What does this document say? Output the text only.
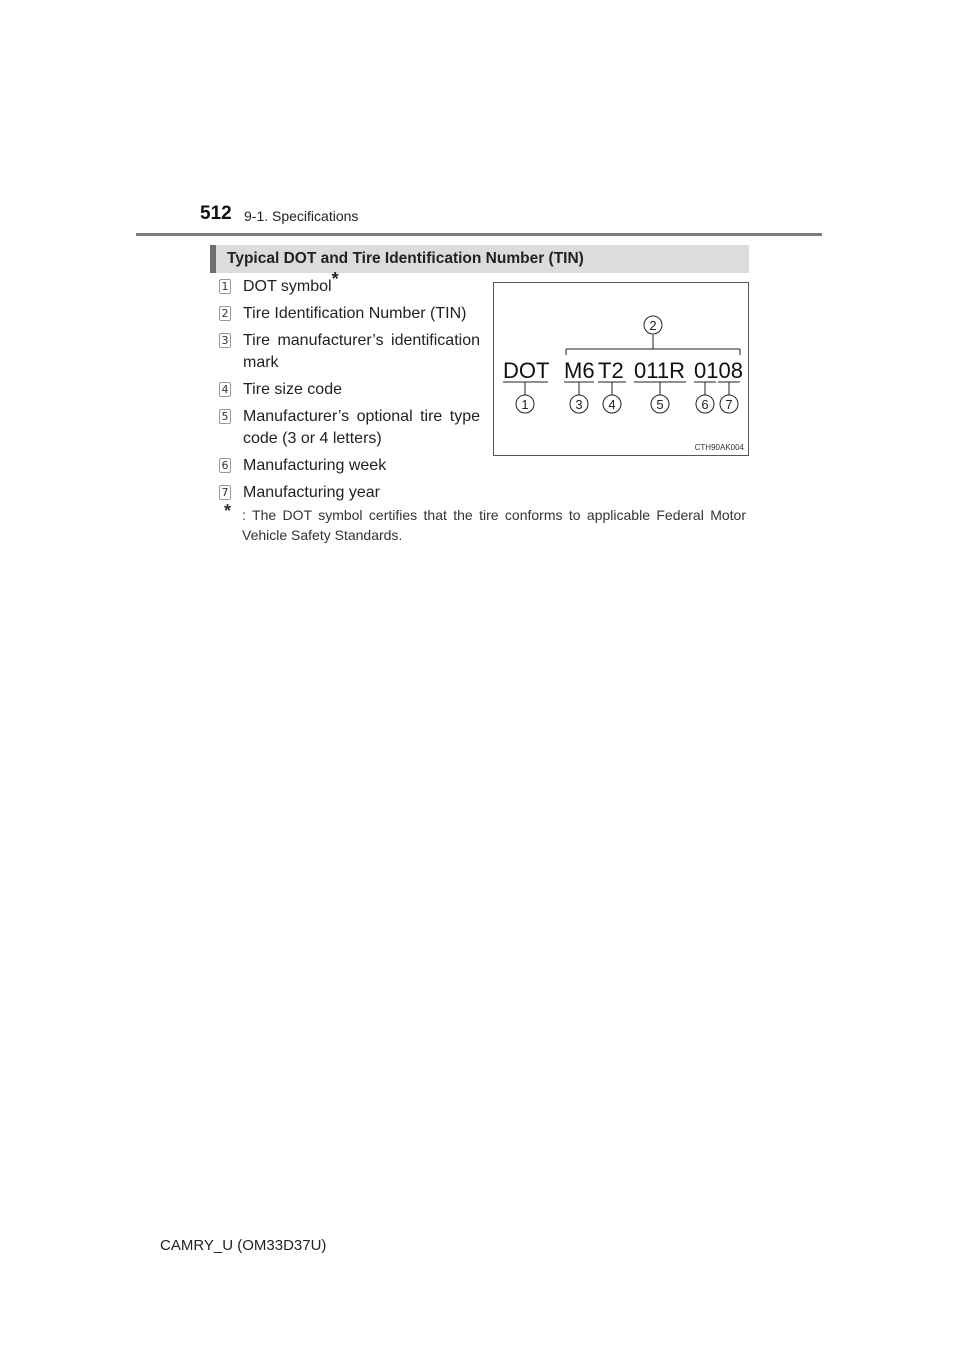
512 9-1. Specifications
Typical DOT and Tire Identification Number (TIN)
1 DOT symbol*
2 Tire Identification Number (TIN)
3 Tire manufacturer’s identification mark
4 Tire size code
5 Manufacturer’s optional tire type code (3 or 4 letters)
6 Manufacturing week
7 Manufacturing year
* : The DOT symbol certifies that the tire conforms to applicable Federal Motor Vehicle Safety Standards.
2
DOT M6 T2 011R 0108
1	3 4	5	6 7
CTH90AK004
CAMRY_U (OM33D37U)
